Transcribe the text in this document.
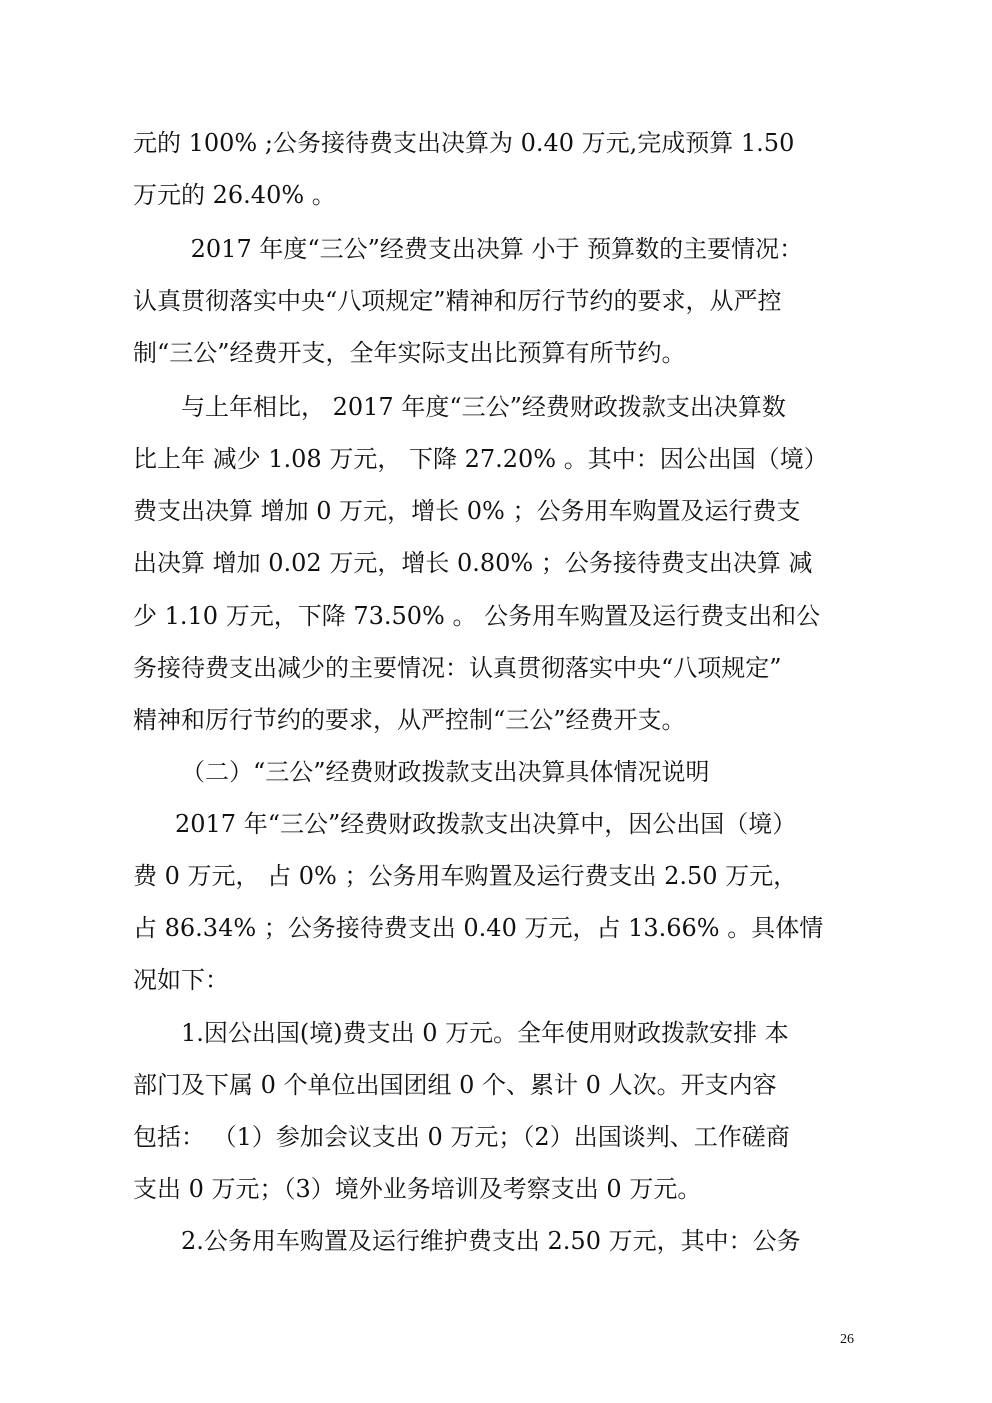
元的 100% ;公务接待费支出决算为 0.40 万元,完成预算 1.50
万元的 26.40% 。
2017 年度“三公”经费支出决算 小于 预算数的主要情况：
认真贯彻落实中央“八项规定”精神和厉行节约的要求，从严控
制“三公”经费开支，全年实际支出比预算有所节约。
与上年相比， 2017 年度“三公”经费财政拨款支出决算数
比上年 减少 1.08 万元， 下降 27.20% 。其中：因公出国（境）
费支出决算 增加 0 万元，增长 0% ；公务用车购置及运行费支
出决算 增加 0.02 万元，增长 0.80% ；公务接待费支出决算 减
少 1.10 万元，下降 73.50% 。 公务用车购置及运行费支出和公
务接待费支出减少的主要情况：认真贯彻落实中央“八项规定”
精神和厉行节约的要求，从严控制“三公”经费开支。
（二）“三公”经费财政拨款支出决算具体情况说明
2017 年“三公”经费财政拨款支出决算中，因公出国（境）
费 0 万元， 占 0% ；公务用车购置及运行费支出 2.50 万元，
占 86.34% ；公务接待费支出 0.40 万元，占 13.66% 。具体情
况如下：
1.因公出国(境)费支出 0 万元。全年使用财政拨款安排 本
部门及下属 0 个单位出国团组 0 个、累计 0 人次。开支内容
包括： （1）参加会议支出 0 万元；（2）出国谈判、工作磋商
支出 0 万元；（3）境外业务培训及考察支出 0 万元。
2.公务用车购置及运行维护费支出 2.50 万元，其中：公务
26
